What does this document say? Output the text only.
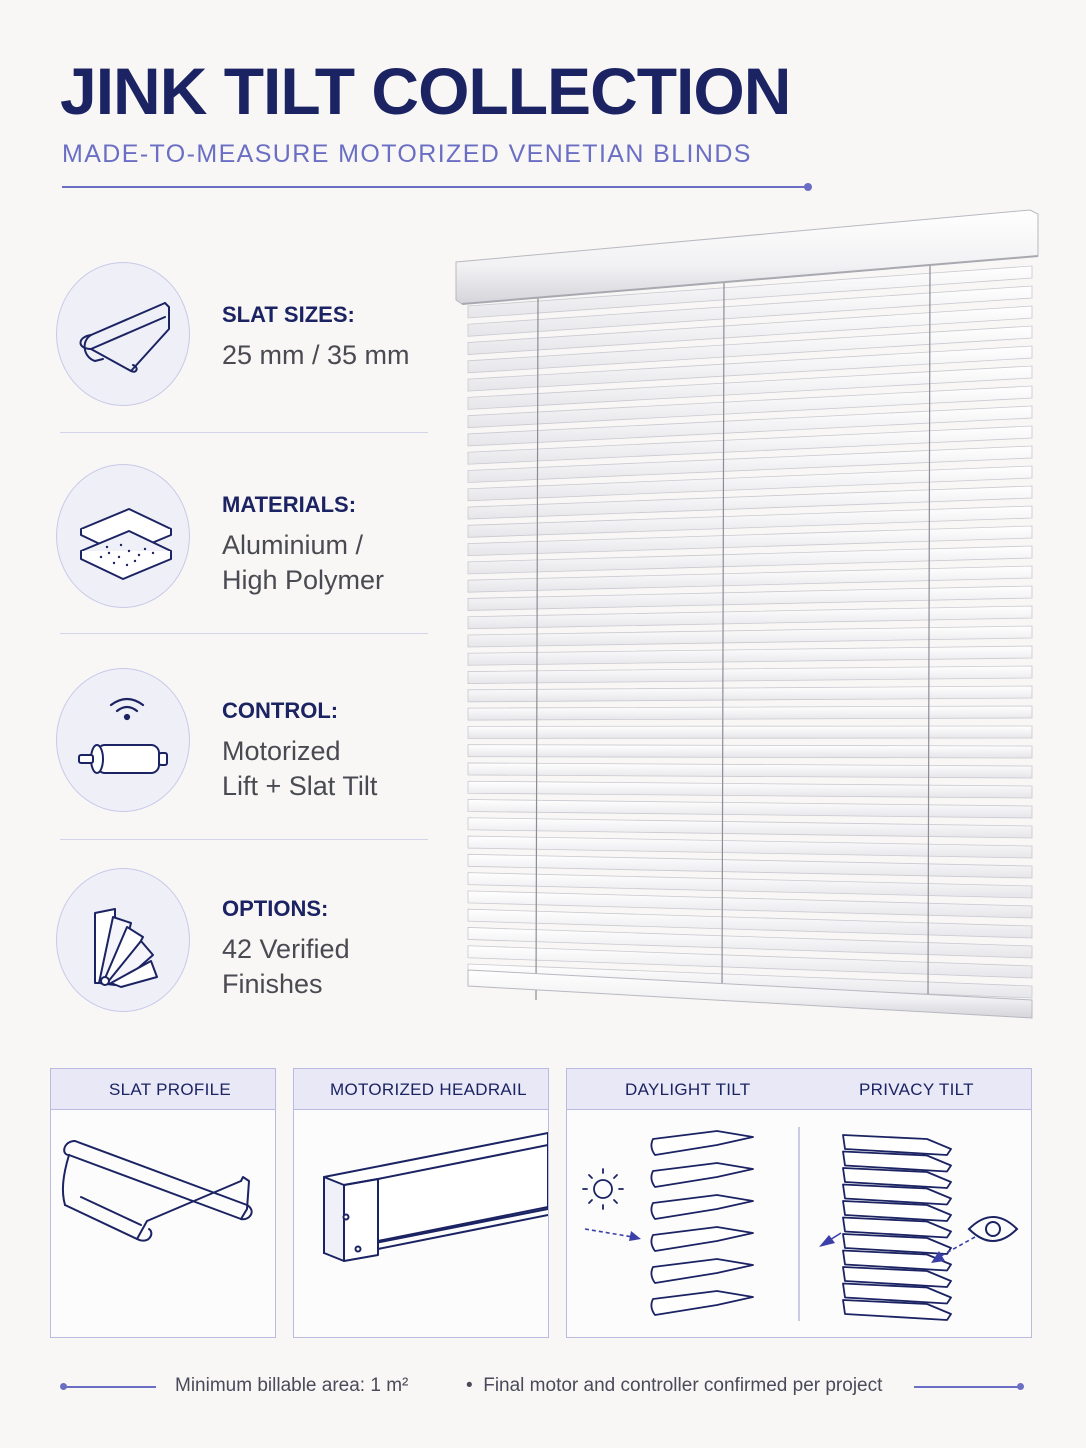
JINK TILT COLLECTION
MADE-TO-MEASURE MOTORIZED VENETIAN BLINDS
SLAT SIZES:
25 mm / 35 mm
MATERIALS:
Aluminium /
High Polymer
CONTROL:
Motorized
Lift + Slat Tilt
OPTIONS:
42 Verified
Finishes
SLAT PROFILE	MOTORIZED HEADRAIL	DAYLIGHT TILT	PRIVACY TILT
Minimum billable area: 1 m²	• Final motor and controller confirmed per project
